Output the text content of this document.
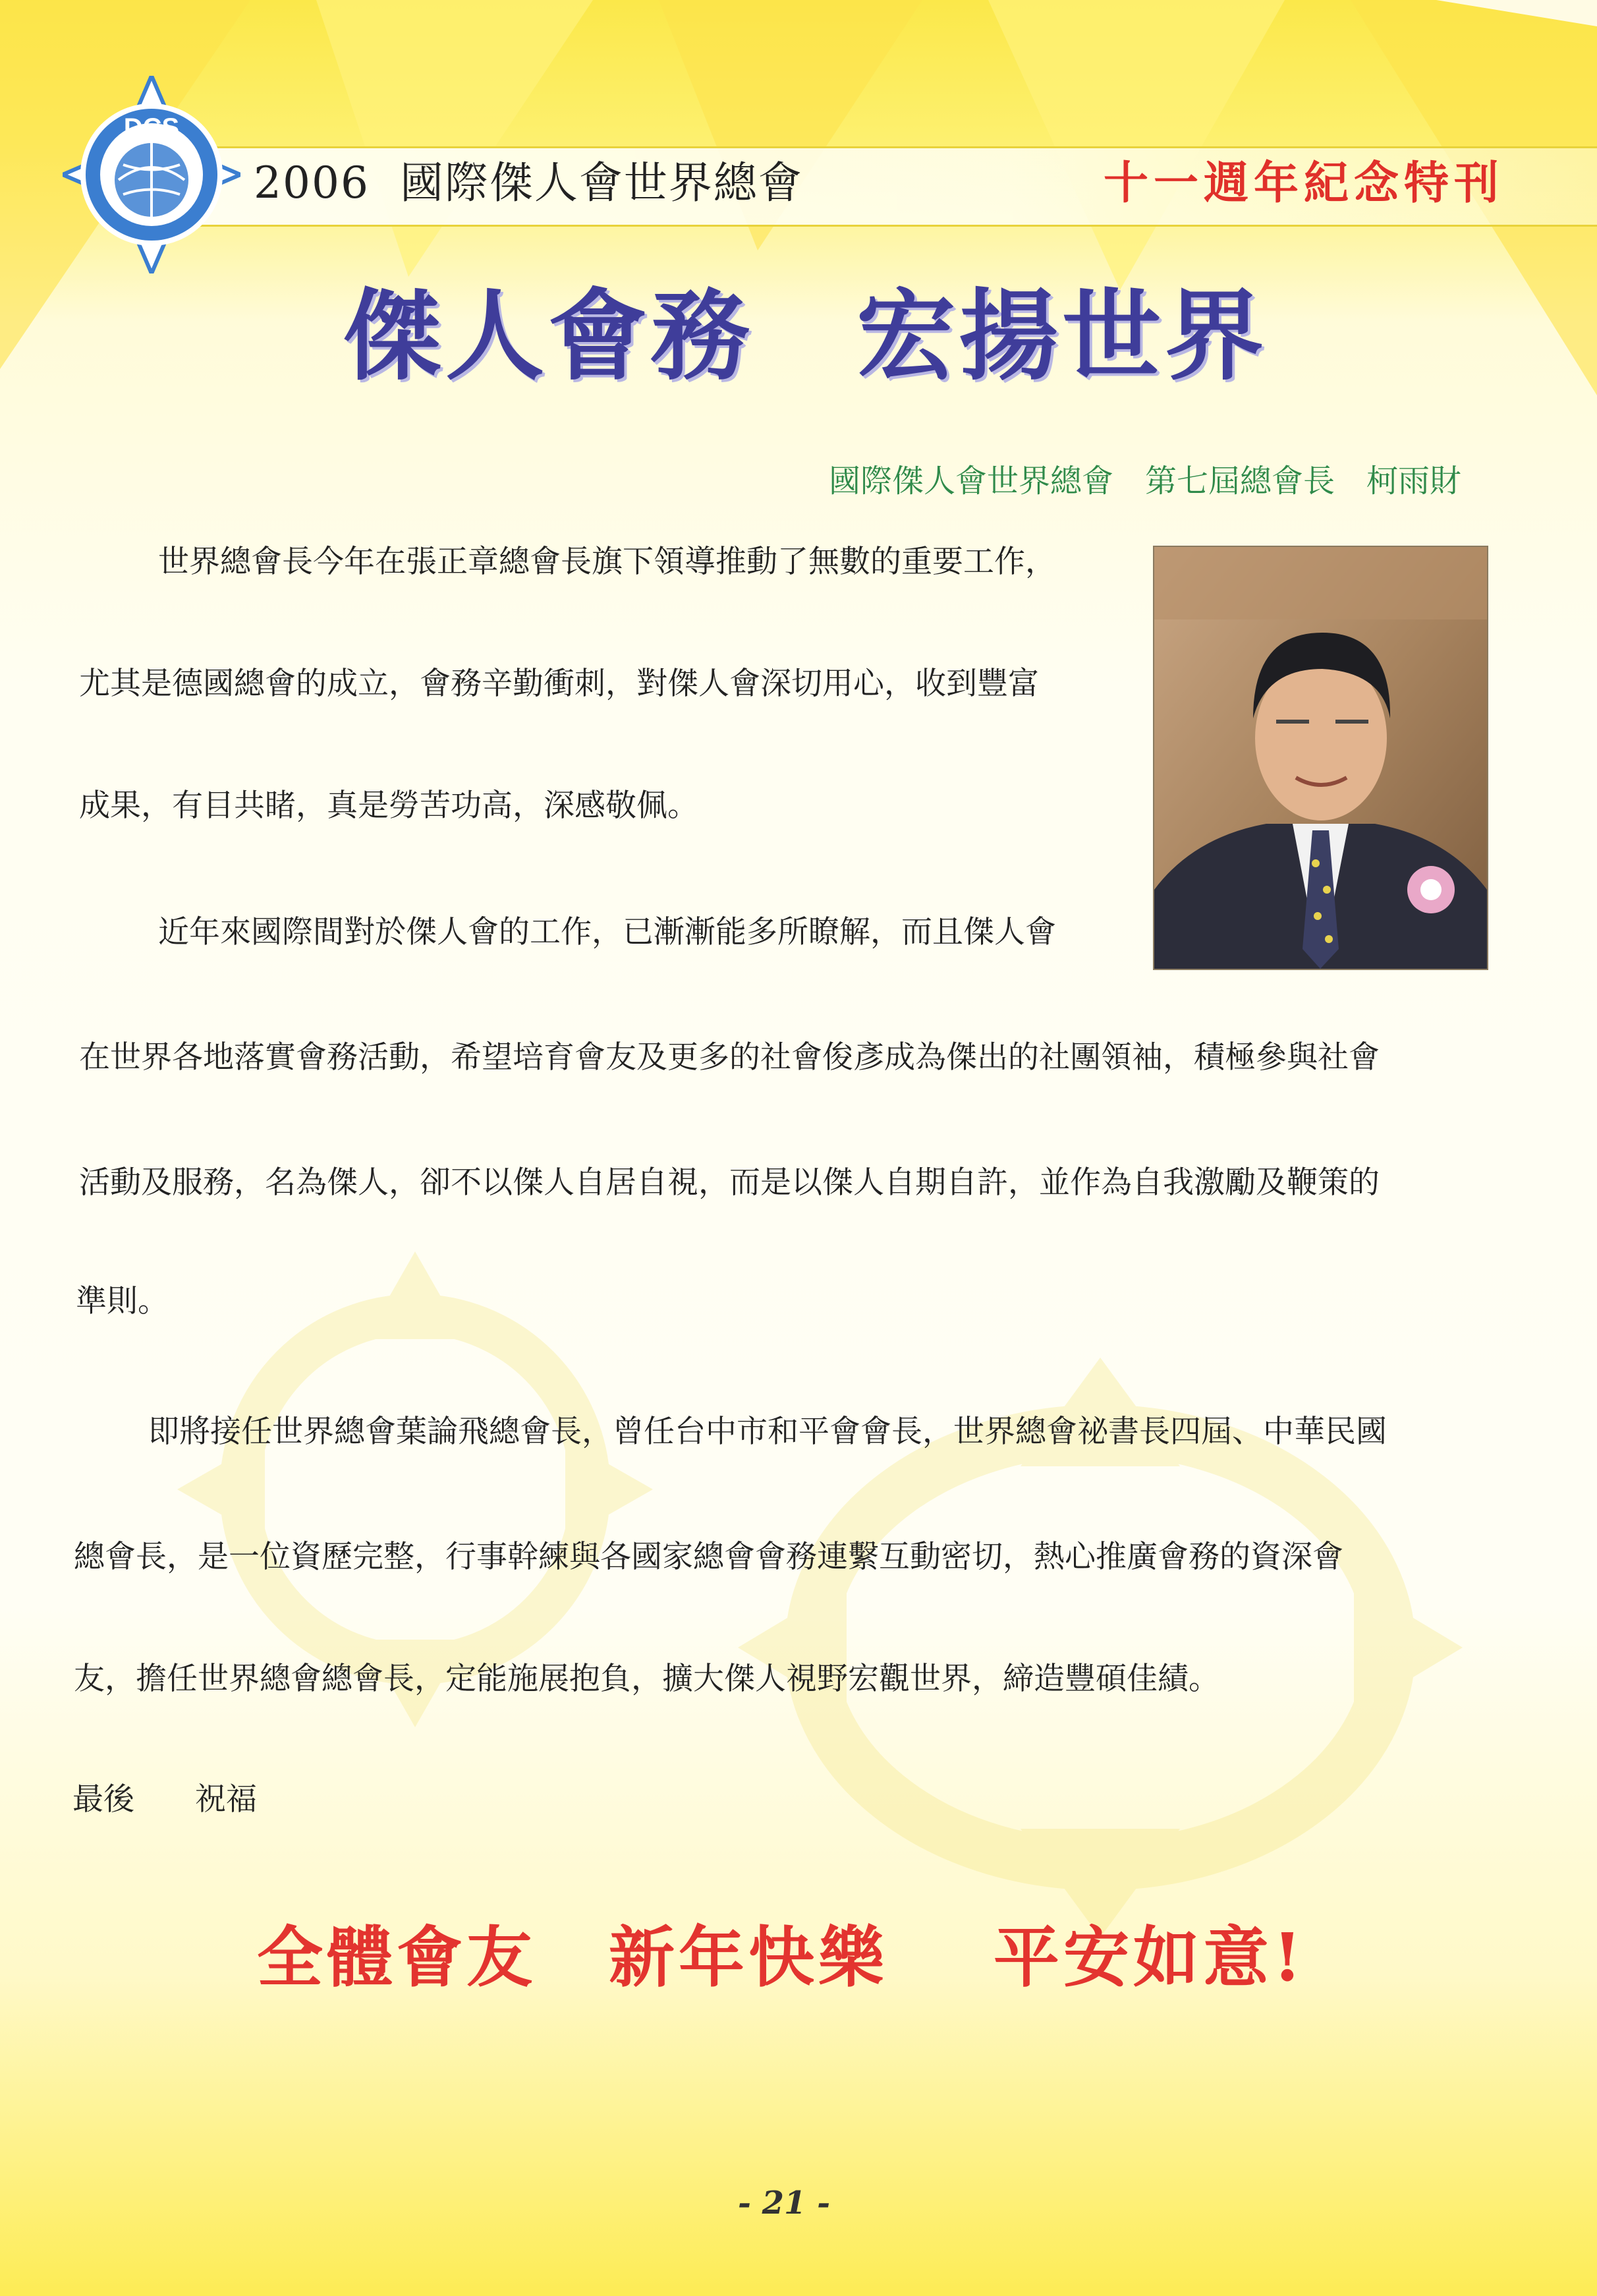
DCS
2006 國際傑人會世界總會	十一週年紀念特刊
傑人會務　宏揚世界
國際傑人會世界總會　第七屆總會長　柯雨財
世界總會長今年在張正章總會長旗下領導推動了無數的重要工作，
尤其是德國總會的成立，會務辛勤衝刺，對傑人會深切用心，收到豐富
成果，有目共睹，真是勞苦功高，深感敬佩。
近年來國際間對於傑人會的工作，已漸漸能多所瞭解，而且傑人會
在世界各地落實會務活動，希望培育會友及更多的社會俊彥成為傑出的社團領袖，積極參與社會
活動及服務，名為傑人，卻不以傑人自居自視，而是以傑人自期自許，並作為自我激勵及鞭策的
準則。
即將接任世界總會葉論飛總會長，曾任台中市和平會會長，世界總會祕書長四屆、中華民國
總會長，是一位資歷完整，行事幹練與各國家總會會務連繫互動密切，熱心推廣會務的資深會
友，擔任世界總會總會長，定能施展抱負，擴大傑人視野宏觀世界，締造豐碩佳績。
最後 祝福
全體會友 新年快樂 平安如意!
- 21 -
